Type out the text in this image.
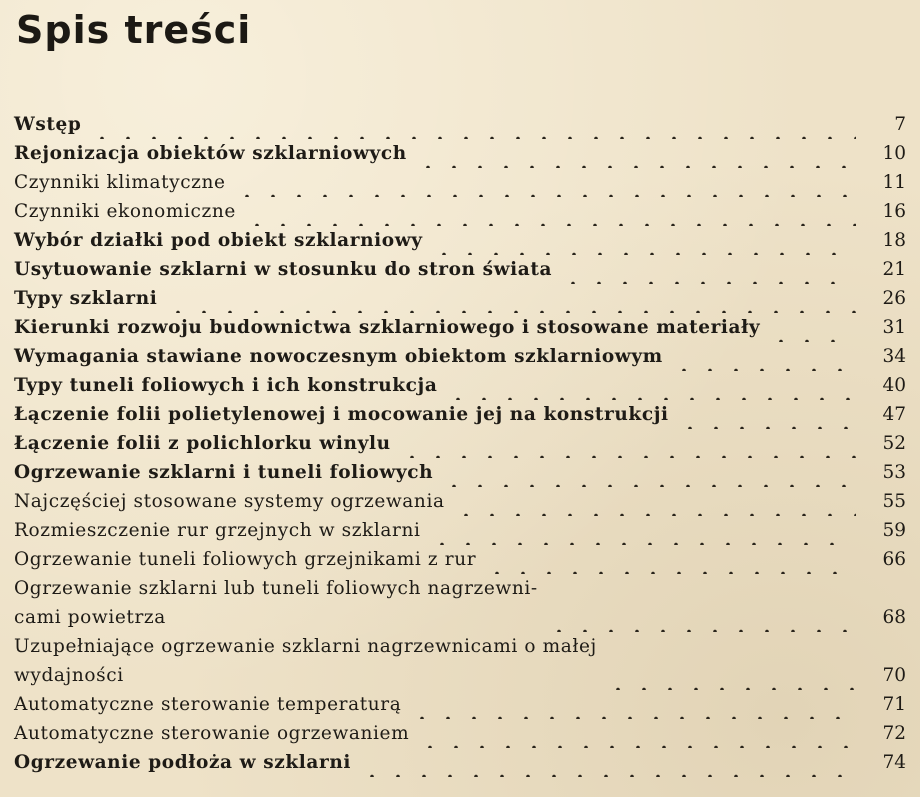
Spis treści
Wstęp	7
Rejonizacja obiektów szklarniowych	10
Czynniki klimatyczne	11
Czynniki ekonomiczne	16
Wybór działki pod obiekt szklarniowy	18
Usytuowanie szklarni w stosunku do stron świata	21
Typy szklarni	26
Kierunki rozwoju budownictwa szklarniowego i stosowane materiały	31
Wymagania stawiane nowoczesnym obiektom szklarniowym	34
Typy tuneli foliowych i ich konstrukcja	40
Łączenie folii polietylenowej i mocowanie jej na konstrukcji	47
Łączenie folii z polichlorku winylu	52
Ogrzewanie szklarni i tuneli foliowych	53
Najczęściej stosowane systemy ogrzewania	55
Rozmieszczenie rur grzejnych w szklarni	59
Ogrzewanie tuneli foliowych grzejnikami z rur	66
Ogrzewanie szklarni lub tuneli foliowych nagrzewni-
cami powietrza	68
Uzupełniające ogrzewanie szklarni nagrzewnicami o małej
wydajności	70
Automatyczne sterowanie temperaturą	71
Automatyczne sterowanie ogrzewaniem	72
Ogrzewanie podłoża w szklarni	74
